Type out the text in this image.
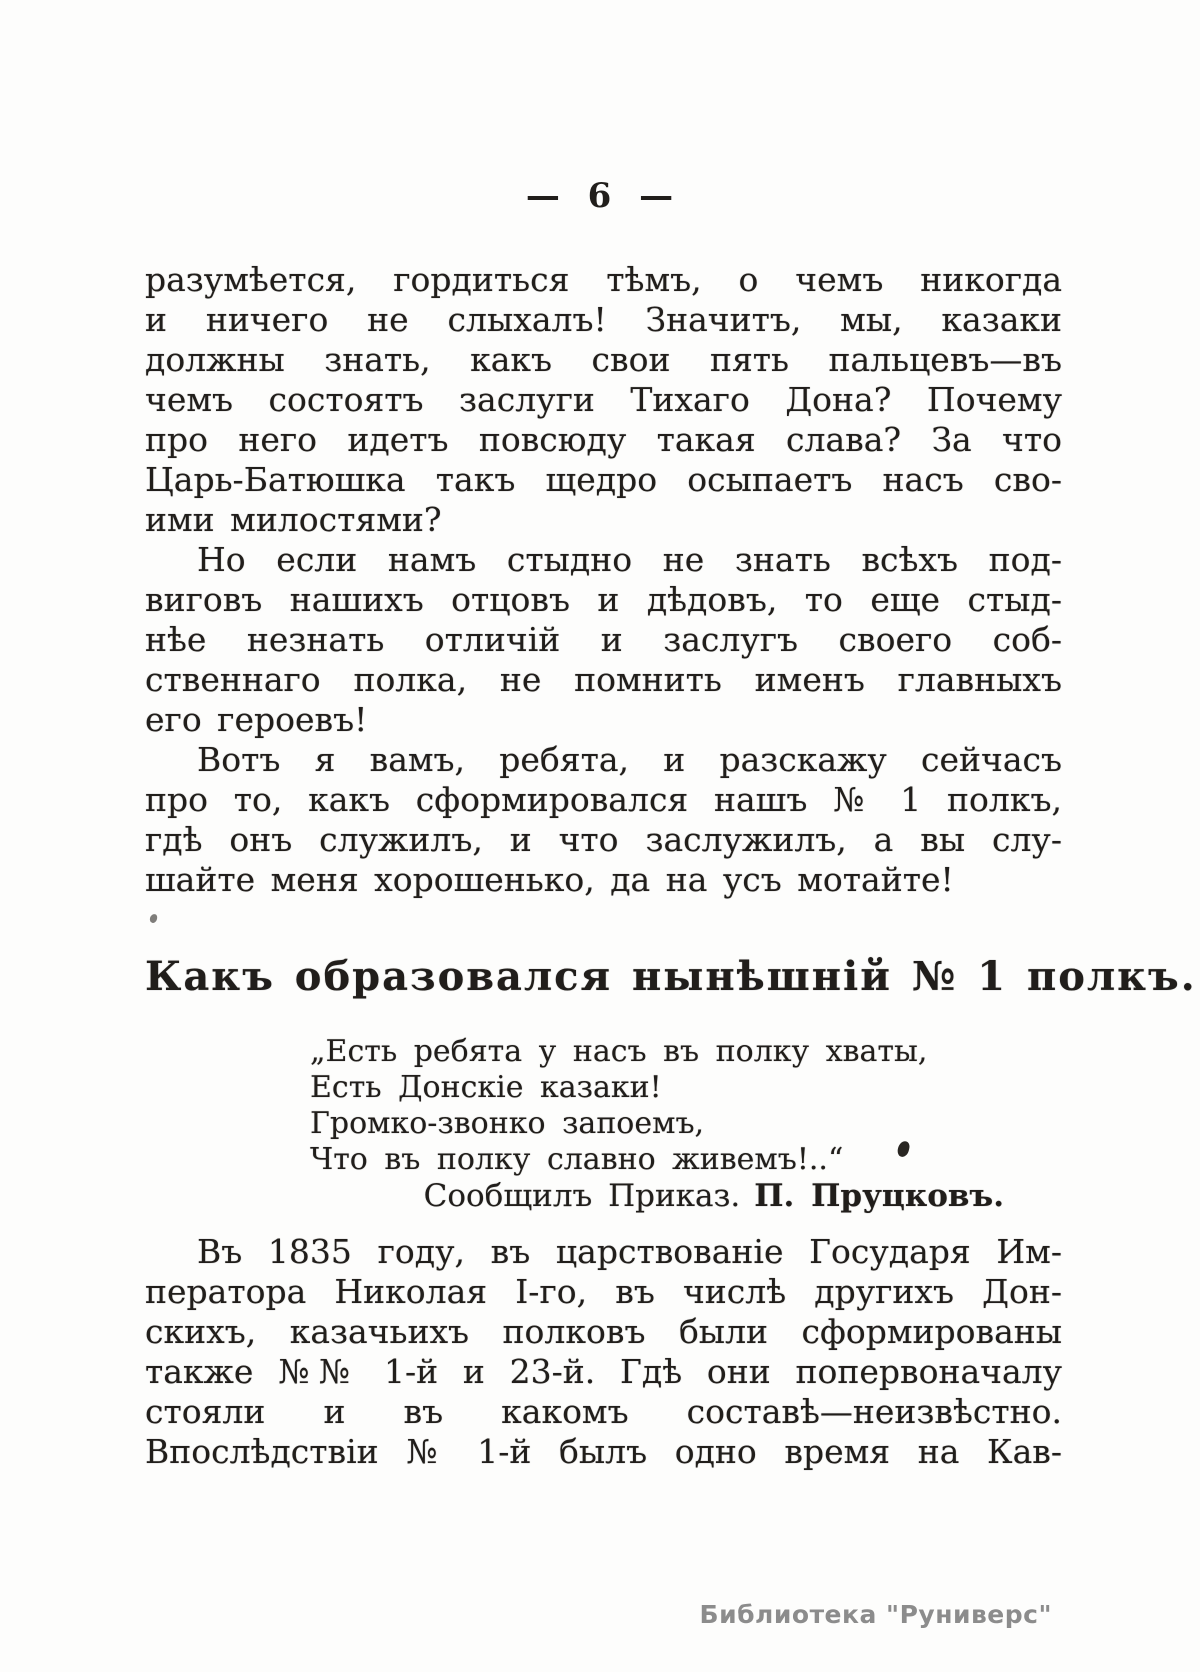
— 6 —
разумѣется, гордиться тѣмъ, о чемъ никогда
и ничего не слыхалъ! Значитъ, мы, казаки
должны знать, какъ свои пять пальцевъ—въ
чемъ состоятъ заслуги Тихаго Дона? Почему
про него идетъ повсюду такая слава? За что
Царь-Батюшка такъ щедро осыпаетъ насъ сво-
ими милостями?
Но если намъ стыдно не знать всѣхъ под-
виговъ нашихъ отцовъ и дѣдовъ, то еще стыд-
нѣе незнать отличій и заслугъ своего соб-
ственнаго полка, не помнить именъ главныхъ
его героевъ!
Вотъ я вамъ, ребята, и разскажу сейчасъ
про то, какъ сформировался нашъ № 1 полкъ,
гдѣ онъ служилъ, и что заслужилъ, а вы слу-
шайте меня хорошенько, да на усъ мотайте!
Какъ образовался нынѣшній № 1 полкъ.
„Есть ребята у насъ въ полку хваты,
Есть Донскіе казаки!
Громко-звонко запоемъ,
Что въ полку славно живемъ!..“
Сообщилъ Приказ. П. Пруцковъ.
Въ 1835 году, въ царствованіе Государя Им-
ператора Николая I-го, въ числѣ другихъ Дон-
скихъ, казачьихъ полковъ были сформированы
также №№ 1-й и 23-й. Гдѣ они попервоначалу
стояли и въ какомъ составѣ—неизвѣстно.
Впослѣдствіи № 1-й былъ одно время на Кав-
Библиотека "Руниверс"
